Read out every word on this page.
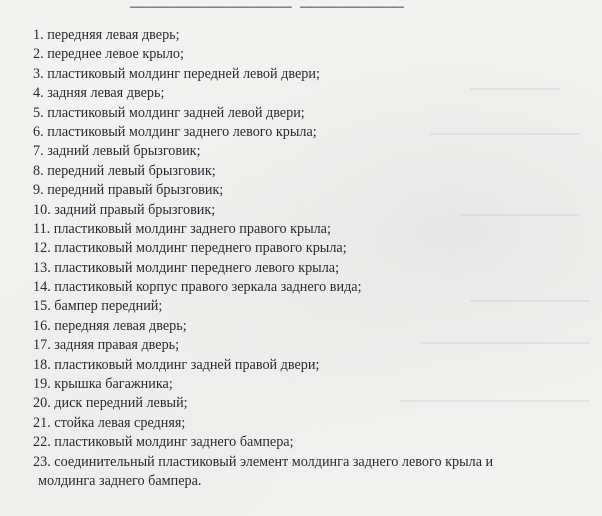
▁▁▁▁▁▁▁▁▁▁▁▁▁▁ ▁▁▁▁▁▁▁▁▁
1. передняя левая дверь;
2. переднее левое крыло;
3. пластиковый молдинг передней левой двери;
4. задняя левая дверь;
5. пластиковый молдинг задней левой двери;
6. пластиковый молдинг заднего левого крыла;
7. задний левый брызговик;
8. передний левый брызговик;
9. передний правый брызговик;
10. задний правый брызговик;
11. пластиковый молдинг заднего правого крыла;
12. пластиковый молдинг переднего правого крыла;
13. пластиковый молдинг переднего левого крыла;
14. пластиковый корпус правого зеркала заднего вида;
15. бампер передний;
16. передняя левая дверь;
17. задняя правая дверь;
18. пластиковый молдинг задней правой двери;
19. крышка багажника;
20. диск передний левый;
21. стойка левая средняя;
22. пластиковый молдинг заднего бампера;
23. соединительный пластиковый элемент молдинга заднего левого крыла и
молдинга заднего бампера.
